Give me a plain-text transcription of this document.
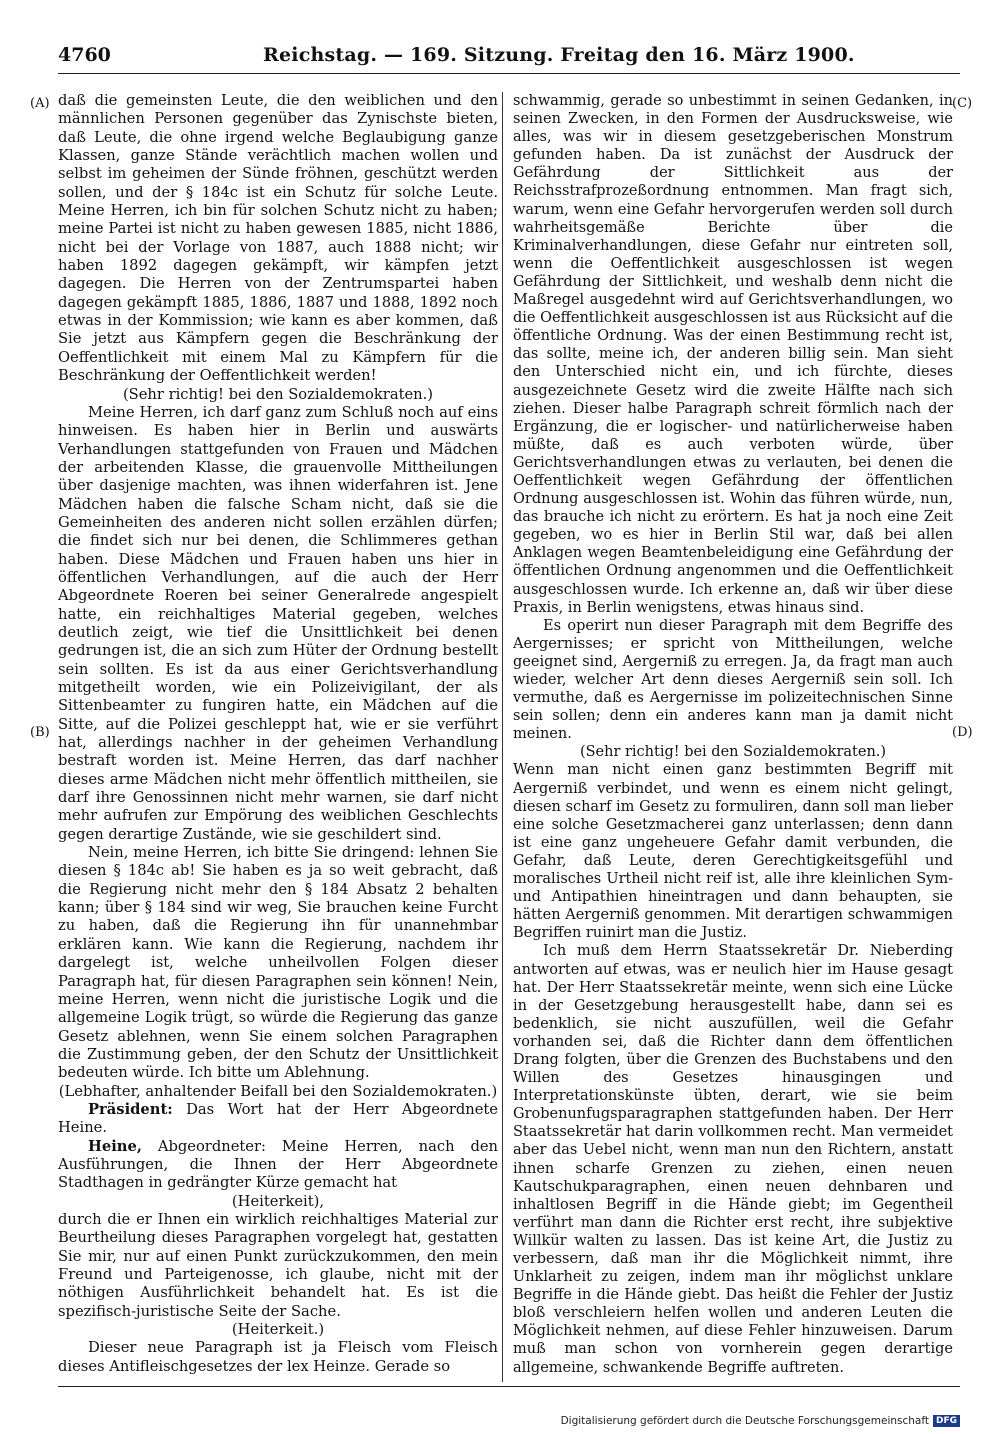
4760	Reichstag. — 169. Sitzung. Freitag den 16. März 1900.
(A)
(B)
(C)
(D)

daß die gemeinsten Leute, die den weiblichen und den männlichen Personen gegenüber das Zynischste bieten, daß Leute, die ohne irgend welche Beglaubigung ganze Klassen, ganze Stände verächtlich machen wollen und selbst im geheimen der Sünde fröhnen, geschützt werden sollen, und der § 184c ist ein Schutz für solche Leute. Meine Herren, ich bin für solchen Schutz nicht zu haben; meine Partei ist nicht zu haben gewesen 1885, nicht 1886, nicht bei der Vorlage von 1887, auch 1888 nicht; wir haben 1892 dagegen gekämpft, wir kämpfen jetzt dagegen. Die Herren von der Zentrumspartei haben dagegen gekämpft 1885, 1886, 1887 und 1888, 1892 noch etwas in der Kommission; wie kann es aber kommen, daß Sie jetzt aus Kämpfern gegen die Beschränkung der Oeffentlichkeit mit einem Mal zu Kämpfern für die Beschränkung der Oeffentlichkeit werden!

(Sehr richtig! bei den Sozialdemokraten.)

Meine Herren, ich darf ganz zum Schluß noch auf eins hinweisen. Es haben hier in Berlin und auswärts Verhandlungen stattgefunden von Frauen und Mädchen der arbeitenden Klasse, die grauenvolle Mittheilungen über dasjenige machten, was ihnen widerfahren ist. Jene Mädchen haben die falsche Scham nicht, daß sie die Gemeinheiten des anderen nicht sollen erzählen dürfen; die findet sich nur bei denen, die Schlimmeres gethan haben. Diese Mädchen und Frauen haben uns hier in öffentlichen Verhandlungen, auf die auch der Herr Abgeordnete Roeren bei seiner Generalrede angespielt hatte, ein reichhaltiges Material gegeben, welches deutlich zeigt, wie tief die Unsittlichkeit bei denen gedrungen ist, die an sich zum Hüter der Ordnung bestellt sein sollten. Es ist da aus einer Gerichtsverhandlung mitgetheilt worden, wie ein Polizeivigilant, der als Sittenbeamter zu fungiren hatte, ein Mädchen auf die Sitte, auf die Polizei geschleppt hat, wie er sie verführt hat, allerdings nachher in der geheimen Verhandlung bestraft worden ist. Meine Herren, das darf nachher dieses arme Mädchen nicht mehr öffentlich mittheilen, sie darf ihre Genossinnen nicht mehr warnen, sie darf nicht mehr aufrufen zur Empörung des weiblichen Geschlechts gegen derartige Zustände, wie sie geschildert sind.

Nein, meine Herren, ich bitte Sie dringend: lehnen Sie diesen § 184c ab! Sie haben es ja so weit gebracht, daß die Regierung nicht mehr den § 184 Absatz 2 behalten kann; über § 184 sind wir weg, Sie brauchen keine Furcht zu haben, daß die Regierung ihn für unannehmbar erklären kann. Wie kann die Regierung, nachdem ihr dargelegt ist, welche unheilvollen Folgen dieser Paragraph hat, für diesen Paragraphen sein können! Nein, meine Herren, wenn nicht die juristische Logik und die allgemeine Logik trügt, so würde die Regierung das ganze Gesetz ablehnen, wenn Sie einem solchen Paragraphen die Zustimmung geben, der den Schutz der Unsittlichkeit bedeuten würde. Ich bitte um Ablehnung.

(Lebhafter, anhaltender Beifall bei den Sozialdemokraten.)

Präsident: Das Wort hat der Herr Abgeordnete Heine.

Heine, Abgeordneter: Meine Herren, nach den Ausführungen, die Ihnen der Herr Abgeordnete Stadthagen in gedrängter Kürze gemacht hat

(Heiterkeit),

durch die er Ihnen ein wirklich reichhaltiges Material zur Beurtheilung dieses Paragraphen vorgelegt hat, gestatten Sie mir, nur auf einen Punkt zurückzukommen, den mein Freund und Parteigenosse, ich glaube, nicht mit der nöthigen Ausführlichkeit behandelt hat. Es ist die spezifisch-juristische Seite der Sache.

(Heiterkeit.)

Dieser neue Paragraph ist ja Fleisch vom Fleisch dieses Antifleischgesetzes der lex Heinze. Gerade so

schwammig, gerade so unbestimmt in seinen Gedanken, in seinen Zwecken, in den Formen der Ausdrucksweise, wie alles, was wir in diesem gesetzgeberischen Monstrum gefunden haben. Da ist zunächst der Ausdruck der Gefährdung der Sittlichkeit aus der Reichsstrafprozeßordnung entnommen. Man fragt sich, warum, wenn eine Gefahr hervorgerufen werden soll durch wahrheitsgemäße Berichte über die Kriminalverhandlungen, diese Gefahr nur eintreten soll, wenn die Oeffentlichkeit ausgeschlossen ist wegen Gefährdung der Sittlichkeit, und weshalb denn nicht die Maßregel ausgedehnt wird auf Gerichtsverhandlungen, wo die Oeffentlichkeit ausgeschlossen ist aus Rücksicht auf die öffentliche Ordnung. Was der einen Bestimmung recht ist, das sollte, meine ich, der anderen billig sein. Man sieht den Unterschied nicht ein, und ich fürchte, dieses ausgezeichnete Gesetz wird die zweite Hälfte nach sich ziehen. Dieser halbe Paragraph schreit förmlich nach der Ergänzung, die er logischer- und natürlicherweise haben müßte, daß es auch verboten würde, über Gerichtsverhandlungen etwas zu verlauten, bei denen die Oeffentlichkeit wegen Gefährdung der öffentlichen Ordnung ausgeschlossen ist. Wohin das führen würde, nun, das brauche ich nicht zu erörtern. Es hat ja noch eine Zeit gegeben, wo es hier in Berlin Stil war, daß bei allen Anklagen wegen Beamtenbeleidigung eine Gefährdung der öffentlichen Ordnung angenommen und die Oeffentlichkeit ausgeschlossen wurde. Ich erkenne an, daß wir über diese Praxis, in Berlin wenigstens, etwas hinaus sind.

Es operirt nun dieser Paragraph mit dem Begriffe des Aergernisses; er spricht von Mittheilungen, welche geeignet sind, Aergerniß zu erregen. Ja, da fragt man auch wieder, welcher Art denn dieses Aergerniß sein soll. Ich vermuthe, daß es Aergernisse im polizeitechnischen Sinne sein sollen; denn ein anderes kann man ja damit nicht meinen.

(Sehr richtig! bei den Sozialdemokraten.)

Wenn man nicht einen ganz bestimmten Begriff mit Aergerniß verbindet, und wenn es einem nicht gelingt, diesen scharf im Gesetz zu formuliren, dann soll man lieber eine solche Gesetzmacherei ganz unterlassen; denn dann ist eine ganz ungeheuere Gefahr damit verbunden, die Gefahr, daß Leute, deren Gerechtigkeitsgefühl und moralisches Urtheil nicht reif ist, alle ihre kleinlichen Sym- und Antipathien hineintragen und dann behaupten, sie hätten Aergerniß genommen. Mit derartigen schwammigen Begriffen ruinirt man die Justiz.

Ich muß dem Herrn Staatssekretär Dr. Nieberding antworten auf etwas, was er neulich hier im Hause gesagt hat. Der Herr Staatssekretär meinte, wenn sich eine Lücke in der Gesetzgebung herausgestellt habe, dann sei es bedenklich, sie nicht auszufüllen, weil die Gefahr vorhanden sei, daß die Richter dann dem öffentlichen Drang folgten, über die Grenzen des Buchstabens und den Willen des Gesetzes hinausgingen und Interpretationskünste übten, derart, wie sie beim Grobenunfugsparagraphen stattgefunden haben. Der Herr Staatssekretär hat darin vollkommen recht. Man vermeidet aber das Uebel nicht, wenn man nun den Richtern, anstatt ihnen scharfe Grenzen zu ziehen, einen neuen Kautschukparagraphen, einen neuen dehnbaren und inhaltlosen Begriff in die Hände giebt; im Gegentheil verführt man dann die Richter erst recht, ihre subjektive Willkür walten zu lassen. Das ist keine Art, die Justiz zu verbessern, daß man ihr die Möglichkeit nimmt, ihre Unklarheit zu zeigen, indem man ihr möglichst unklare Begriffe in die Hände giebt. Das heißt die Fehler der Justiz bloß verschleiern helfen wollen und anderen Leuten die Möglichkeit nehmen, auf diese Fehler hinzuweisen. Darum muß man schon von vornherein gegen derartige allgemeine, schwankende Begriffe auftreten.

Digitalisierung gefördert durch die Deutsche Forschungsgemeinschaft DFG
